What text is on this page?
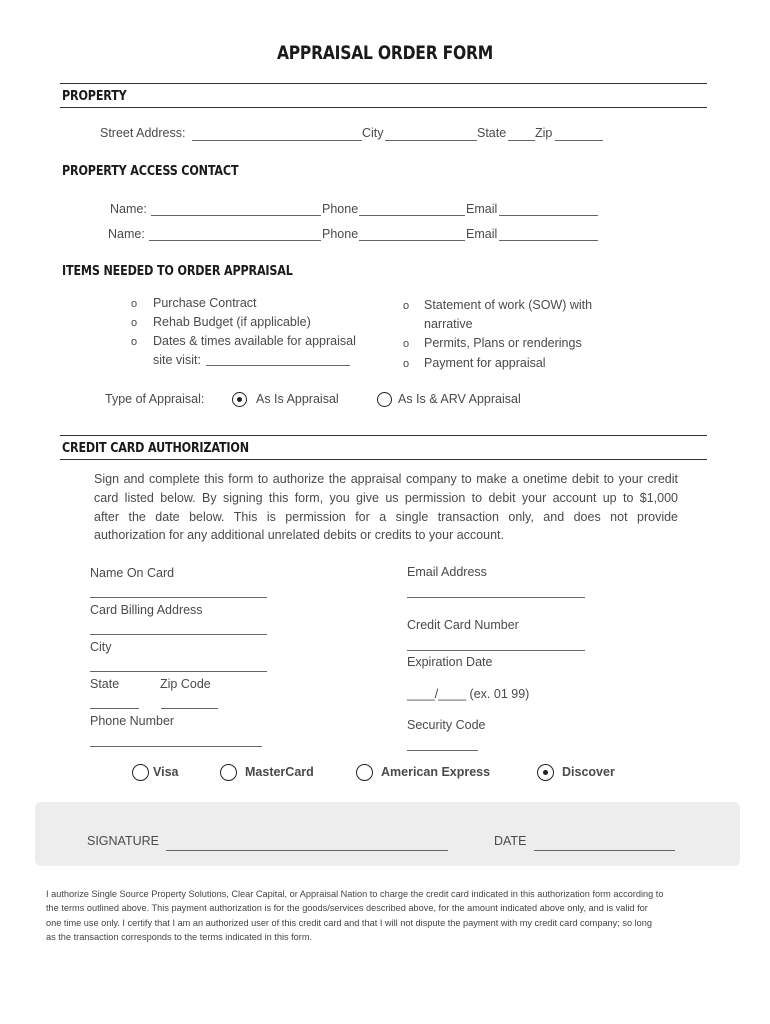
APPRAISAL ORDER FORM
PROPERTY
Street Address:	City	State Zip
PROPERTY ACCESS CONTACT
Name:	Phone	Email
Name:	Phone	Email
ITEMS NEEDED TO ORDER APPRAISAL
o Purchase Contract
o Rehab Budget (if applicable)
o Dates & times available for appraisal
site visit:
o Statement of work (SOW) with
narrative
o Permits, Plans or renderings
o Payment for appraisal
Type of Appraisal:	As Is Appraisal	As Is & ARV Appraisal
CREDIT CARD AUTHORIZATION
Sign and complete this form to authorize the appraisal company to make a onetime debit to your credit
card listed below. By signing this form, you give us permission to debit your account up to $1,000
after the date below. This is permission for a single transaction only, and does not provide
authorization for any additional unrelated debits or credits to your account.
Name On Card
Card Billing Address
City
State	Zip Code
Phone Number
Email Address
Credit Card Number
Expiration Date
____/____ (ex. 01 99)
Security Code
Visa	MasterCard	American Express	Discover
SIGNATURE	DATE
I authorize Single Source Property Solutions, Clear Capital, or Appraisal Nation to charge the credit card indicated in this authorization form according to
the terms outlined above. This payment authorization is for the goods/services described above, for the amount indicated above only, and is valid for
one time use only. I certify that I am an authorized user of this credit card and that I will not dispute the payment with my credit card company; so long
as the transaction corresponds to the terms indicated in this form.
